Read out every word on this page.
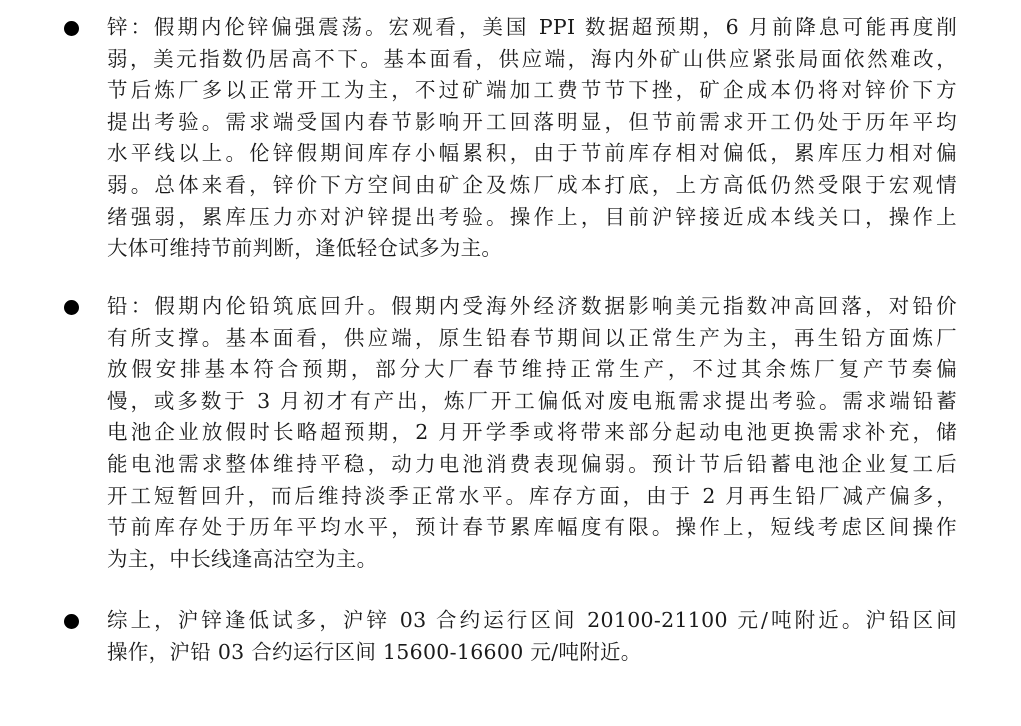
锌：假期内伦锌偏强震荡。宏观看，美国 PPI 数据超预期，6 月前降息可能再度削
弱，美元指数仍居高不下。基本面看，供应端，海内外矿山供应紧张局面依然难改，
节后炼厂多以正常开工为主，不过矿端加工费节节下挫，矿企成本仍将对锌价下方
提出考验。需求端受国内春节影响开工回落明显，但节前需求开工仍处于历年平均
水平线以上。伦锌假期间库存小幅累积，由于节前库存相对偏低，累库压力相对偏
弱。总体来看，锌价下方空间由矿企及炼厂成本打底，上方高低仍然受限于宏观情
绪强弱，累库压力亦对沪锌提出考验。操作上，目前沪锌接近成本线关口，操作上
大体可维持节前判断，逢低轻仓试多为主。
铅：假期内伦铅筑底回升。假期内受海外经济数据影响美元指数冲高回落，对铅价
有所支撑。基本面看，供应端，原生铅春节期间以正常生产为主，再生铅方面炼厂
放假安排基本符合预期，部分大厂春节维持正常生产，不过其余炼厂复产节奏偏
慢，或多数于 3 月初才有产出，炼厂开工偏低对废电瓶需求提出考验。需求端铅蓄
电池企业放假时长略超预期，2 月开学季或将带来部分起动电池更换需求补充，储
能电池需求整体维持平稳，动力电池消费表现偏弱。预计节后铅蓄电池企业复工后
开工短暂回升，而后维持淡季正常水平。库存方面，由于 2 月再生铅厂减产偏多，
节前库存处于历年平均水平，预计春节累库幅度有限。操作上，短线考虑区间操作
为主，中长线逢高沽空为主。
综上，沪锌逢低试多，沪锌 03 合约运行区间 20100-21100 元/吨附近。沪铅区间
操作，沪铅 03 合约运行区间 15600-16600 元/吨附近。
